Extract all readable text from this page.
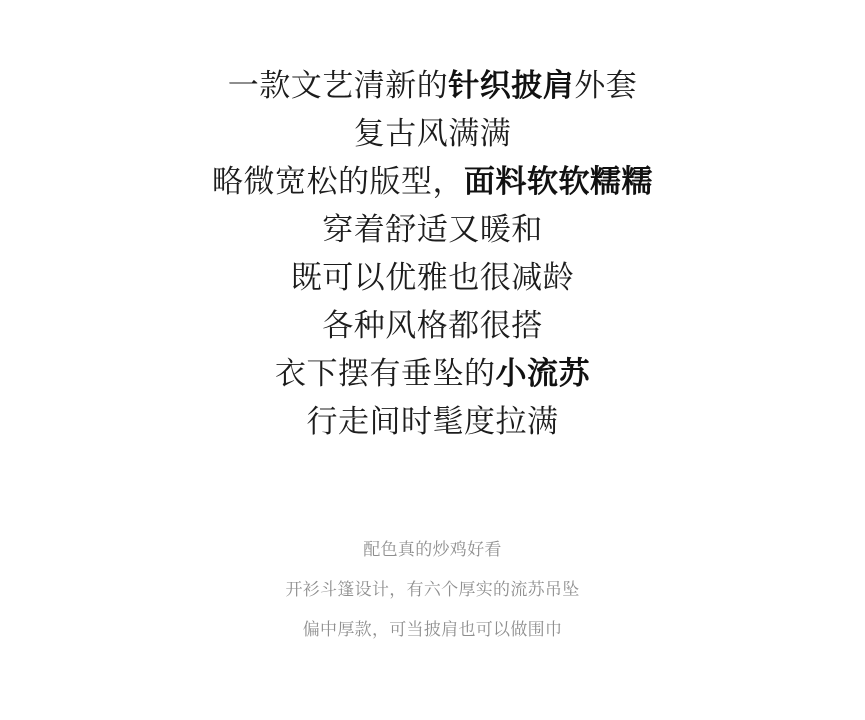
一款文艺清新的针织披肩外套
复古风满满
略微宽松的版型，面料软软糯糯
穿着舒适又暖和
既可以优雅也很减龄
各种风格都很搭
衣下摆有垂坠的小流苏
行走间时髦度拉满
配色真的炒鸡好看
开衫斗篷设计，有六个厚实的流苏吊坠
偏中厚款，可当披肩也可以做围巾
